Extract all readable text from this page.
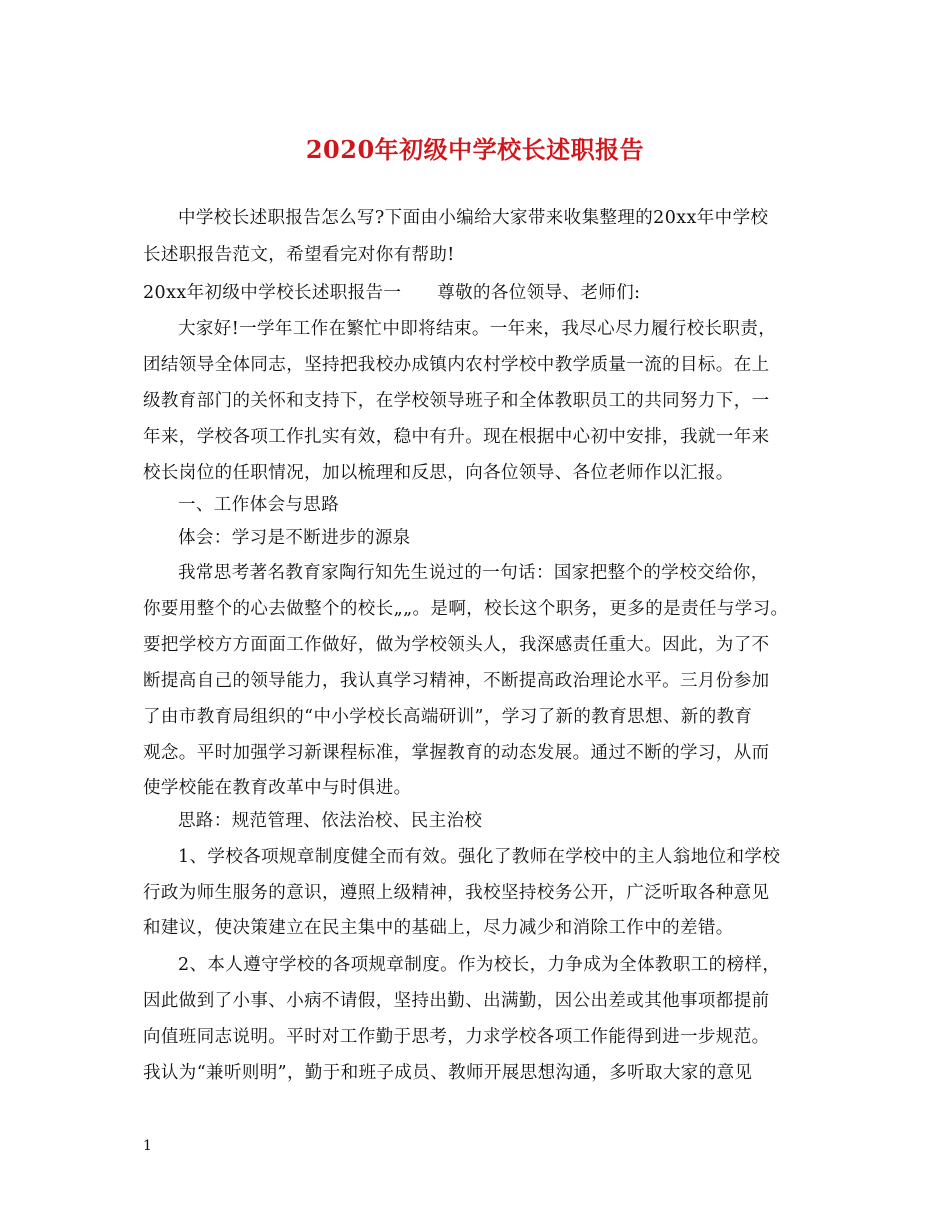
2020年初级中学校长述职报告
中学校长述职报告怎么写?下面由小编给大家带来收集整理的20xx年中学校
长述职报告范文，希望看完对你有帮助!
20xx年初级中学校长述职报告一　　尊敬的各位领导、老师们:
大家好!一学年工作在繁忙中即将结束。一年来，我尽心尽力履行校长职责，
团结领导全体同志，坚持把我校办成镇内农村学校中教学质量一流的目标。在上
级教育部门的关怀和支持下，在学校领导班子和全体教职员工的共同努力下，一
年来，学校各项工作扎实有效，稳中有升。现在根据中心初中安排，我就一年来
校长岗位的任职情况，加以梳理和反思，向各位领导、各位老师作以汇报。
一、工作体会与思路
体会：学习是不断进步的源泉
我常思考著名教育家陶行知先生说过的一句话：国家把整个的学校交给你，
你要用整个的心去做整个的校长„„。是啊，校长这个职务，更多的是责任与学习。
要把学校方方面面工作做好，做为学校领头人，我深感责任重大。因此，为了不
断提高自己的领导能力，我认真学习精神，不断提高政治理论水平。三月份参加
了由市教育局组织的“中小学校长高端研训”，学习了新的教育思想、新的教育
观念。平时加强学习新课程标准，掌握教育的动态发展。通过不断的学习，从而
使学校能在教育改革中与时俱进。
思路：规范管理、依法治校、民主治校
1、学校各项规章制度健全而有效。强化了教师在学校中的主人翁地位和学校
行政为师生服务的意识，遵照上级精神，我校坚持校务公开，广泛听取各种意见
和建议，使决策建立在民主集中的基础上，尽力减少和消除工作中的差错。
2、本人遵守学校的各项规章制度。作为校长，力争成为全体教职工的榜样，
因此做到了小事、小病不请假，坚持出勤、出满勤，因公出差或其他事项都提前
向值班同志说明。平时对工作勤于思考，力求学校各项工作能得到进一步规范。
我认为“兼听则明”，勤于和班子成员、教师开展思想沟通，多听取大家的意见
1
